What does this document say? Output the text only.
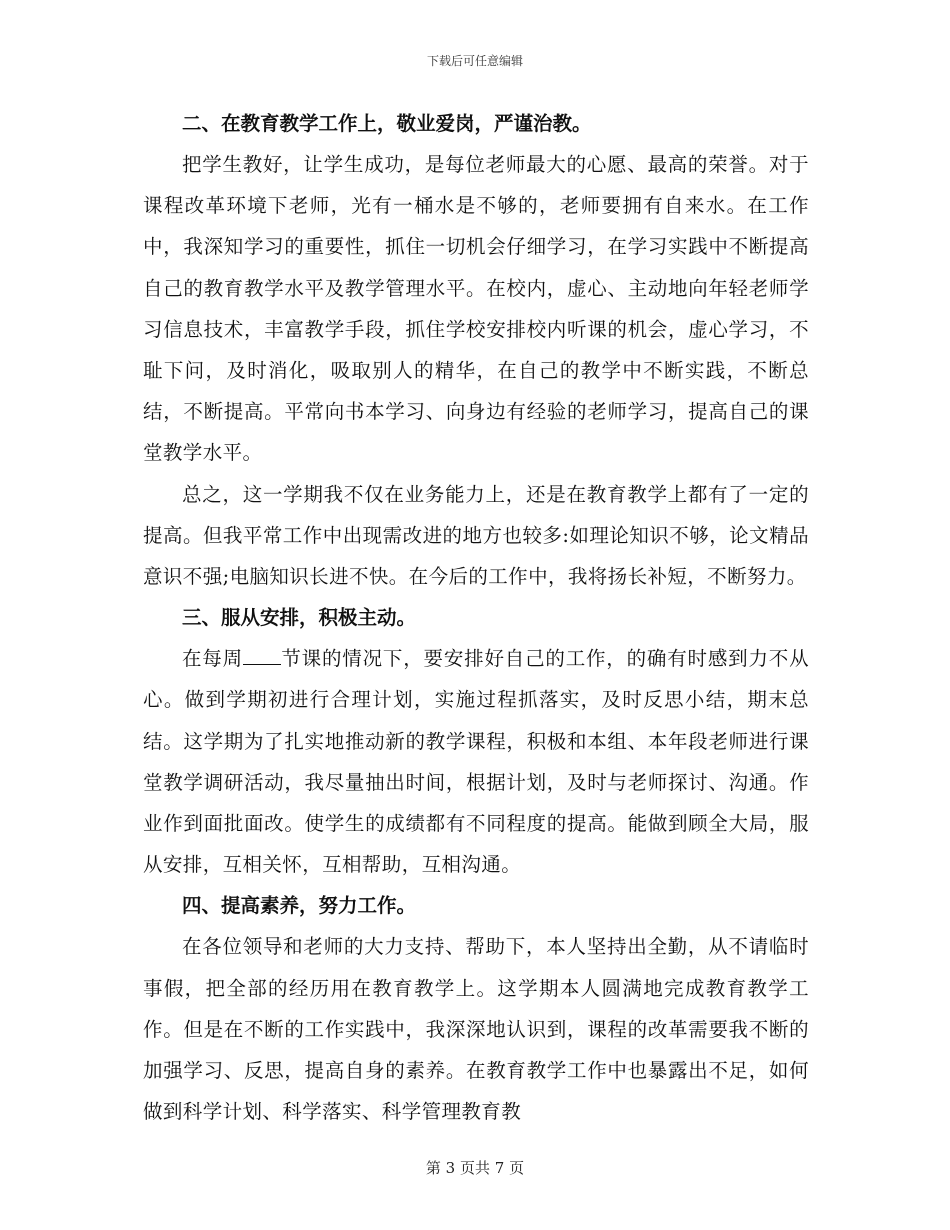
下载后可任意编辑

二、在教育教学工作上，敬业爱岗，严谨治教。

把学生教好，让学生成功，是每位老师最大的心愿、最高的荣誉。对于课程改革环境下老师，光有一桶水是不够的，老师要拥有自来水。在工作中，我深知学习的重要性，抓住一切机会仔细学习，在学习实践中不断提高自己的教育教学水平及教学管理水平。在校内，虚心、主动地向年轻老师学习信息技术，丰富教学手段，抓住学校安排校内听课的机会，虚心学习，不耻下问，及时消化，吸取别人的精华，在自己的教学中不断实践，不断总结，不断提高。平常向书本学习、向身边有经验的老师学习，提高自己的课堂教学水平。

总之，这一学期我不仅在业务能力上，还是在教育教学上都有了一定的提高。但我平常工作中出现需改进的地方也较多:如理论知识不够，论文精品意识不强;电脑知识长进不快。在今后的工作中，我将扬长补短，不断努力。

三、服从安排，积极主动。

在每周 节课的情况下，要安排好自己的工作，的确有时感到力不从心。做到学期初进行合理计划，实施过程抓落实，及时反思小结，期末总结。这学期为了扎实地推动新的教学课程，积极和本组、本年段老师进行课堂教学调研活动，我尽量抽出时间，根据计划，及时与老师探讨、沟通。作业作到面批面改。使学生的成绩都有不同程度的提高。能做到顾全大局，服从安排，互相关怀，互相帮助，互相沟通。

四、提高素养，努力工作。

在各位领导和老师的大力支持、帮助下，本人坚持出全勤，从不请临时事假，把全部的经历用在教育教学上。这学期本人圆满地完成教育教学工作。但是在不断的工作实践中，我深深地认识到，课程的改革需要我不断的加强学习、反思，提高自身的素养。在教育教学工作中也暴露出不足，如何做到科学计划、科学落实、科学管理教育教

第 3 页共 7 页
